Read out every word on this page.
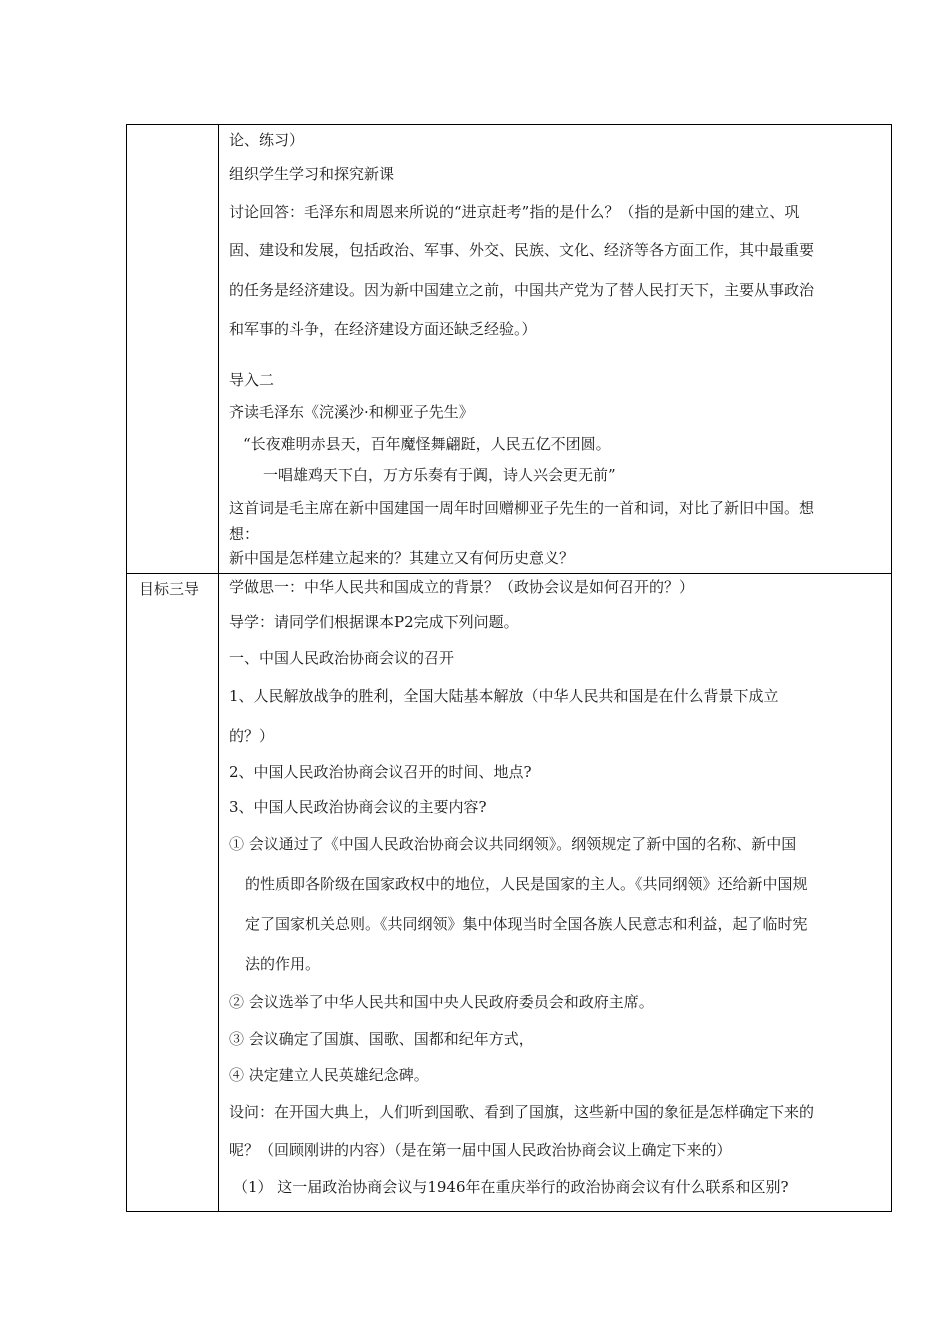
论、练习）
组织学生学习和探究新课
讨论回答：毛泽东和周恩来所说的“进京赶考”指的是什么？（指的是新中国的建立、巩
固、建设和发展，包括政治、军事、外交、民族、文化、经济等各方面工作，其中最重要
的任务是经济建设。因为新中国建立之前，中国共产党为了替人民打天下，主要从事政治
和军事的斗争，在经济建设方面还缺乏经验。）
导入二
齐读毛泽东《浣溪沙·和柳亚子先生》
“长夜难明赤县天，百年魔怪舞翩跹，人民五亿不团圆。
一唱雄鸡天下白，万方乐奏有于阗，诗人兴会更无前”
这首词是毛主席在新中国建国一周年时回赠柳亚子先生的一首和词，对比了新旧中国。想
想：
新中国是怎样建立起来的？其建立又有何历史意义？
目标三导 学做思一：中华人民共和国成立的背景？（政协会议是如何召开的？）
导学：请同学们根据课本P2完成下列问题。
一、中国人民政治协商会议的召开
1、人民解放战争的胜利，全国大陆基本解放（中华人民共和国是在什么背景下成立
的？）
2、中国人民政治协商会议召开的时间、地点?
3、中国人民政治协商会议的主要内容?
① 会议通过了《中国人民政治协商会议共同纲领》。纲领规定了新中国的名称、新中国
的性质即各阶级在国家政权中的地位，人民是国家的主人。《共同纲领》还给新中国规
定了国家机关总则。《共同纲领》集中体现当时全国各族人民意志和利益，起了临时宪
法的作用。
② 会议选举了中华人民共和国中央人民政府委员会和政府主席。
③ 会议确定了国旗、国歌、国都和纪年方式，
④ 决定建立人民英雄纪念碑。
设问：在开国大典上，人们听到国歌、看到了国旗，这些新中国的象征是怎样确定下来的
呢？（回顾刚讲的内容）（是在第一届中国人民政治协商会议上确定下来的）
（1） 这一届政治协商会议与1946年在重庆举行的政治协商会议有什么联系和区别?
